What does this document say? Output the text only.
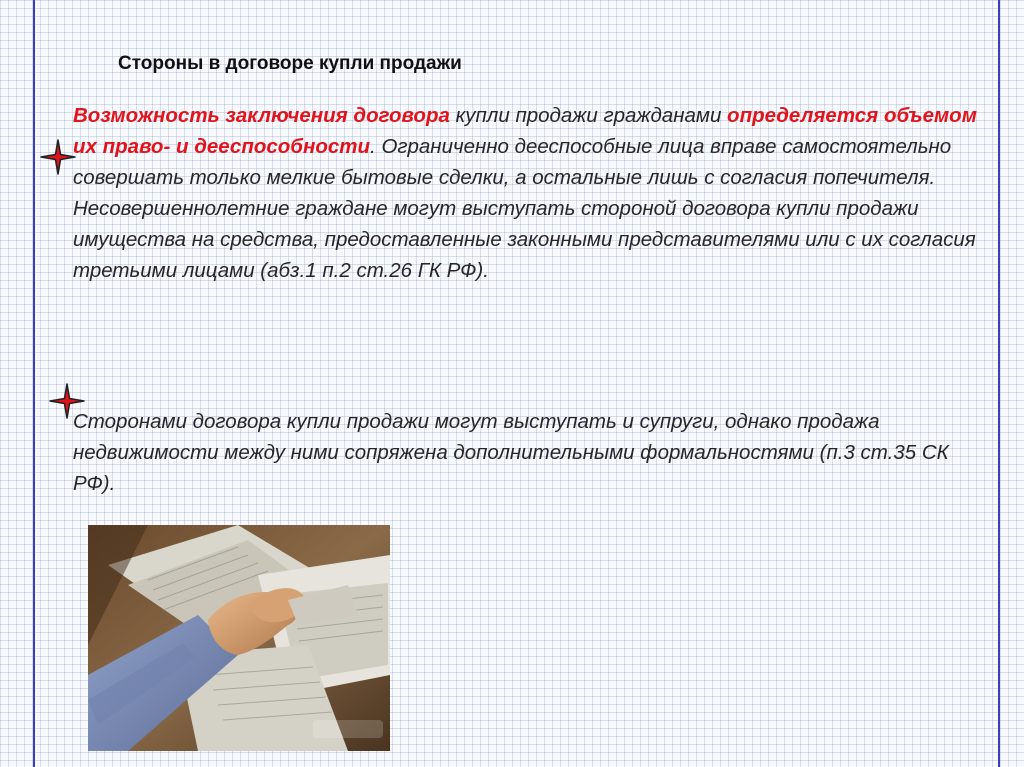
Стороны в договоре купли продажи

Возможность заключения договора купли продажи гражданами определяется объемом их право- и дееспособности. Ограниченно дееспособные лица вправе самостоятельно совершать только мелкие бытовые сделки, а остальные лишь с согласия попечителя. Несовершеннолетние граждане могут выступать стороной договора купли продажи имущества на средства, предоставленные законными представителями или с их согласия третьими лицами (абз.1 п.2 ст.26 ГК РФ).

Сторонами договора купли продажи могут выступать и супруги, однако продажа недвижимости между ними сопряжена дополнительными формальностями (п.3 ст.35 СК РФ).
